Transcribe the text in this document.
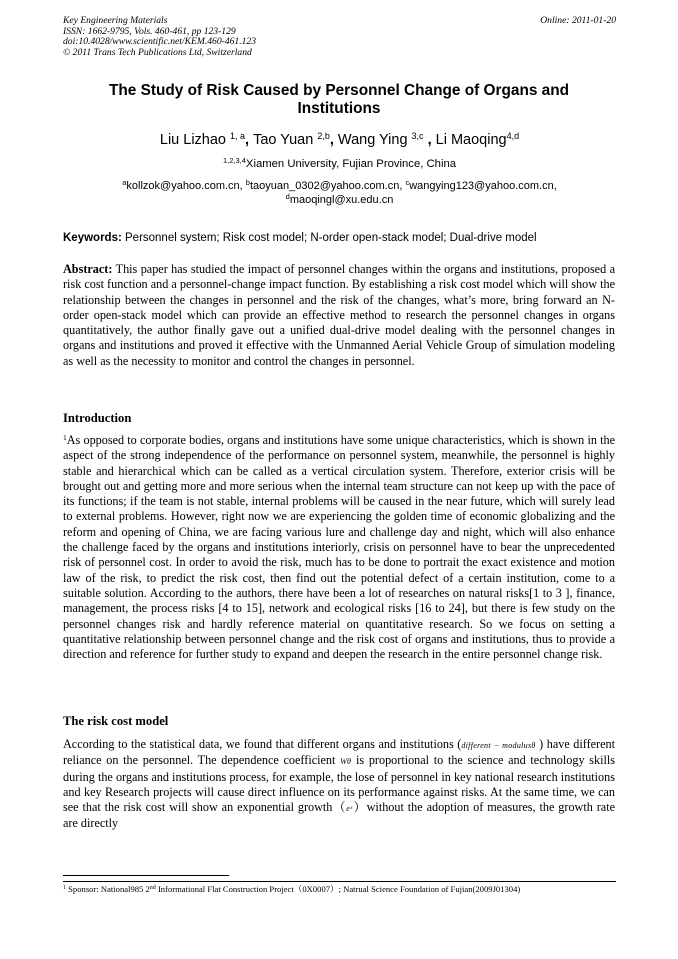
Key Engineering Materials
ISSN: 1662-9795, Vols. 460-461, pp 123-129
doi:10.4028/www.scientific.net/KEM.460-461.123
© 2011 Trans Tech Publications Ltd, Switzerland
Online: 2011-01-20
The Study of Risk Caused by Personnel Change of Organs and Institutions
Liu Lizhao $^{1, a}$, Tao Yuan $^{2,b}$, Wang Ying $^{3,c}$ , Li Maoqing$^{4,d}$
$^{1,2,3,4}$Xiamen University, Fujian Province, China
$^a$kollzok@yahoo.com.cn, $^b$taoyuan_0302@yahoo.com.cn, $^c$wangying123@yahoo.com.cn,
$^d$maoqingl@xu.edu.cn
Keywords: Personnel system; Risk cost model; N-order open-stack model; Dual-drive model
Abstract: This paper has studied the impact of personnel changes within the organs and institutions, proposed a risk cost function and a personnel-change impact function. By establishing a risk cost model which will show the relationship between the changes in personnel and the risk of the changes, what’s more, bring forward an N-order open-stack model which can provide an effective method to research the personnel changes in organs quantitatively, the author finally gave out a unified dual-drive model dealing with the personnel changes in organs and institutions and proved it effective with the Unmanned Aerial Vehicle Group of simulation modeling as well as the necessity to monitor and control the changes in personnel.
Introduction
$^1$As opposed to corporate bodies, organs and institutions have some unique characteristics, which is shown in the aspect of the strong independence of the performance on personnel system, meanwhile, the personnel is highly stable and hierarchical which can be called as a vertical circulation system. Therefore, exterior crisis will be brought out and getting more and more serious when the internal team structure can not keep up with the pace of its functions; if the team is not stable, internal problems will be caused in the near future, which will surely lead to external problems. However, right now we are experiencing the golden time of economic globalizing and the reform and opening of China, we are facing various lure and challenge day and night, which will also enhance the challenge faced by the organs and institutions interiorly, crisis on personnel have to bear the unprecedented risk of personnel cost. In order to avoid the risk, much has to be done to portrait the exact existence and motion law of the risk, to predict the risk cost, then find out the potential defect of a certain institution, come to a suitable solution. According to the authors, there have been a lot of researches on natural risks[1 to 3 ], finance, management, the process risks [4 to 15], network and ecological risks [16 to 24], but there is few study on the personnel changes risk and hardly reference material on quantitative research. So we focus on setting a quantitative relationship between personnel change and the risk cost of organs and institutions, thus to provide a direction and reference for further study to expand and deepen the research in the entire personnel change risk.
The risk cost model
According to the statistical data, we found that different organs and institutions (different − modulusθ ) have different reliance on the personnel. The dependence coefficient Wθ is proportional to the science and technology skills during the organs and institutions process, for example, the lose of personnel in key national research institutions and key Research projects will cause direct influence on its performance against risks. At the same time, we can see that the risk cost will show an exponential growth（eˣ）without the adoption of measures, the growth rate are directly
$^1$ Sponsor: National985 2nd Informational Flat Construction Project（0X0007）; Natrual Science Foundation of Fujian(2009J01304)
